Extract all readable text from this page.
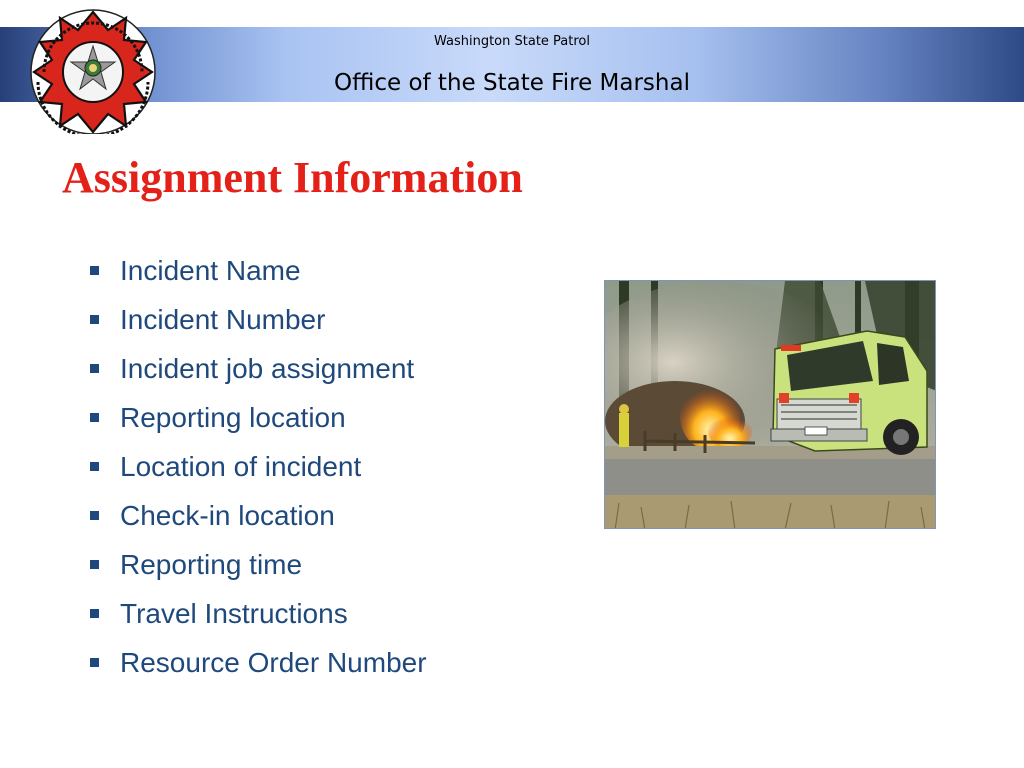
Washington State Patrol
Office of the State Fire Marshal
Assignment Information
Incident Name
Incident Number
Incident job assignment
Reporting location
Location of incident
Check-in location
Reporting time
Travel Instructions
Resource Order Number
